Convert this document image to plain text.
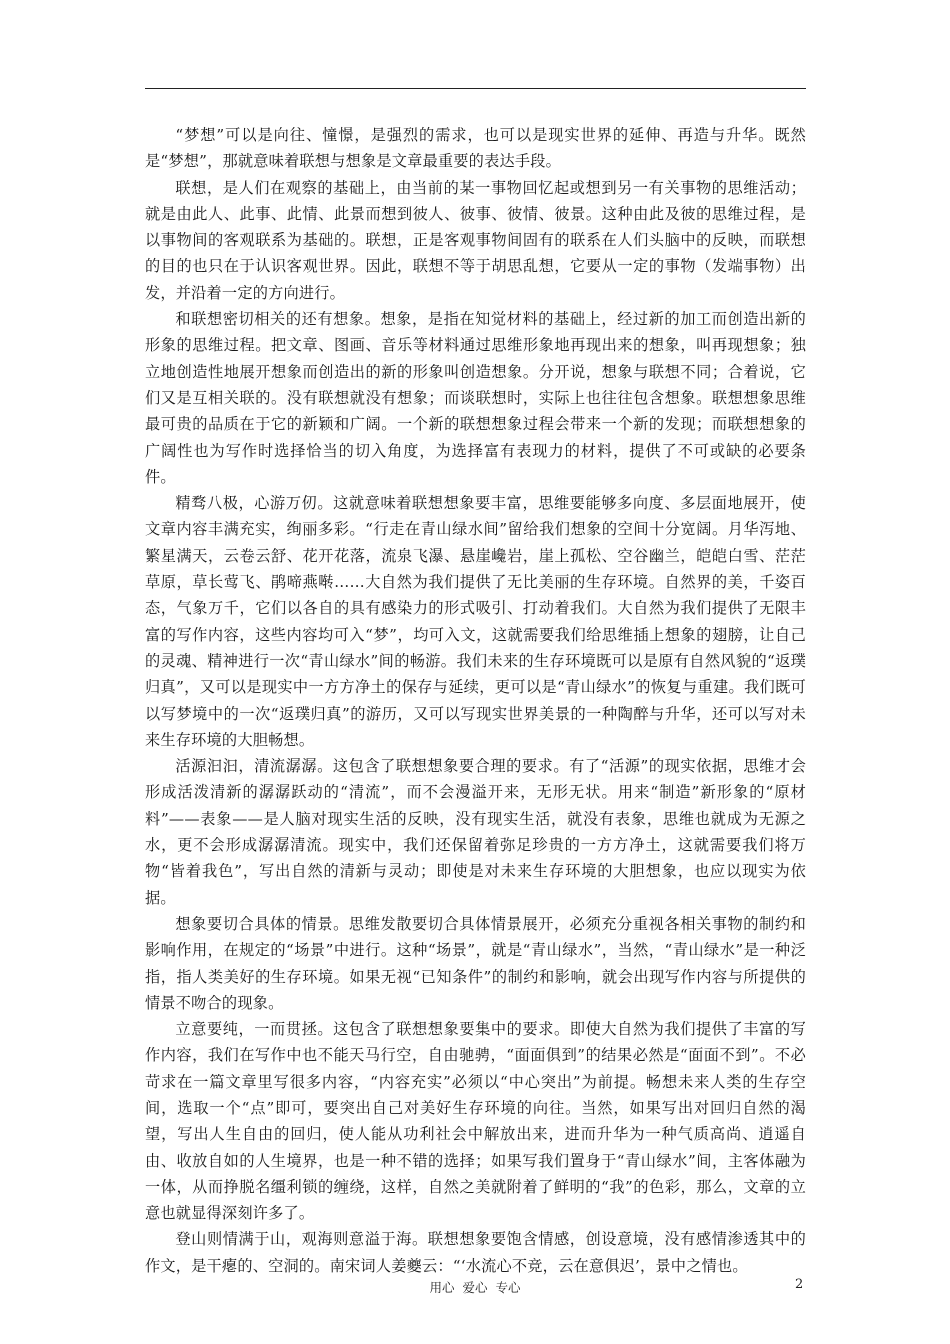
“梦想”可以是向往、憧憬，是强烈的需求，也可以是现实世界的延伸、再造与升华。既然是“梦想”，那就意味着联想与想象是文章最重要的表达手段。

联想，是人们在观察的基础上，由当前的某一事物回忆起或想到另一有关事物的思维活动；就是由此人、此事、此情、此景而想到彼人、彼事、彼情、彼景。这种由此及彼的思维过程，是以事物间的客观联系为基础的。联想，正是客观事物间固有的联系在人们头脑中的反映，而联想的目的也只在于认识客观世界。因此，联想不等于胡思乱想，它要从一定的事物（发端事物）出发，并沿着一定的方向进行。

和联想密切相关的还有想象。想象，是指在知觉材料的基础上，经过新的加工而创造出新的形象的思维过程。把文章、图画、音乐等材料通过思维形象地再现出来的想象，叫再现想象；独立地创造性地展开想象而创造出的新的形象叫创造想象。分开说，想象与联想不同；合着说，它们又是互相关联的。没有联想就没有想象；而谈联想时，实际上也往往包含想象。联想想象思维最可贵的品质在于它的新颖和广阔。一个新的联想想象过程会带来一个新的发现；而联想想象的广阔性也为写作时选择恰当的切入角度，为选择富有表现力的材料，提供了不可或缺的必要条件。

精骛八极，心游万仞。这就意味着联想想象要丰富，思维要能够多向度、多层面地展开，使文章内容丰满充实，绚丽多彩。“行走在青山绿水间”留给我们想象的空间十分宽阔。月华泻地、繁星满天，云卷云舒、花开花落，流泉飞瀑、悬崖巉岩，崖上孤松、空谷幽兰，皑皑白雪、茫茫草原，草长莺飞、鹃啼燕啭……大自然为我们提供了无比美丽的生存环境。自然界的美，千姿百态，气象万千，它们以各自的具有感染力的形式吸引、打动着我们。大自然为我们提供了无限丰富的写作内容，这些内容均可入“梦”，均可入文，这就需要我们给思维插上想象的翅膀，让自己的灵魂、精神进行一次“青山绿水”间的畅游。我们未来的生存环境既可以是原有自然风貌的“返璞归真”，又可以是现实中一方方净土的保存与延续，更可以是“青山绿水”的恢复与重建。我们既可以写梦境中的一次“返璞归真”的游历，又可以写现实世界美景的一种陶醉与升华，还可以写对未来生存环境的大胆畅想。

活源汩汩，清流潺潺。这包含了联想想象要合理的要求。有了“活源”的现实依据，思维才会形成活泼清新的潺潺跃动的“清流”，而不会漫溢开来，无形无状。用来“制造”新形象的“原材料”——表象——是人脑对现实生活的反映，没有现实生活，就没有表象，思维也就成为无源之水，更不会形成潺潺清流。现实中，我们还保留着弥足珍贵的一方方净土，这就需要我们将万物“皆着我色”，写出自然的清新与灵动；即使是对未来生存环境的大胆想象，也应以现实为依据。

想象要切合具体的情景。思维发散要切合具体情景展开，必须充分重视各相关事物的制约和影响作用，在规定的“场景”中进行。这种“场景”，就是“青山绿水”，当然，“青山绿水”是一种泛指，指人类美好的生存环境。如果无视“已知条件”的制约和影响，就会出现写作内容与所提供的情景不吻合的现象。

立意要纯，一而贯拯。这包含了联想想象要集中的要求。即使大自然为我们提供了丰富的写作内容，我们在写作中也不能天马行空，自由驰骋，“面面俱到”的结果必然是“面面不到”。不必苛求在一篇文章里写很多内容，“内容充实”必须以“中心突出”为前提。畅想未来人类的生存空间，选取一个“点”即可，要突出自己对美好生存环境的向往。当然，如果写出对回归自然的渴望，写出人生自由的回归，使人能从功利社会中解放出来，进而升华为一种气质高尚、逍遥自由、收放自如的人生境界，也是一种不错的选择；如果写我们置身于“青山绿水”间，主客体融为一体，从而挣脱名缰利锁的缠绕，这样，自然之美就附着了鲜明的“我”的色彩，那么，文章的立意也就显得深刻许多了。

登山则情满于山，观海则意溢于海。联想想象要饱含情感，创设意境，没有感情渗透其中的作文，是干瘪的、空洞的。南宋词人姜夔云：“‘水流心不竞，云在意俱迟’，景中之情也。

用心 爱心 专心	2
